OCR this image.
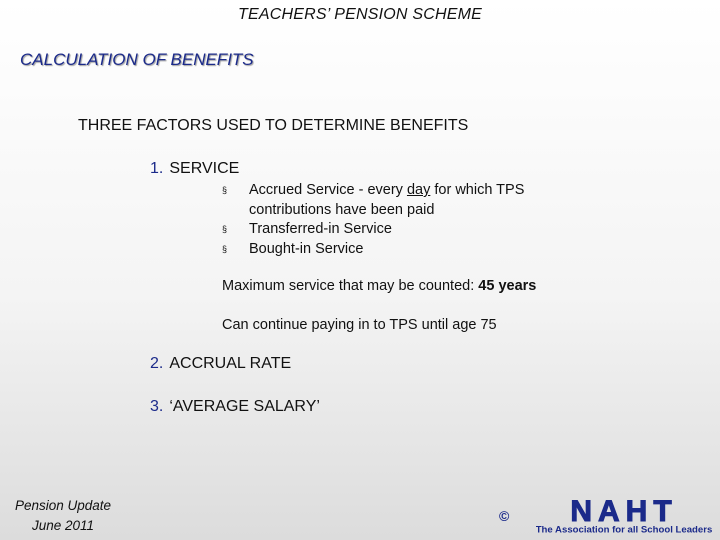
TEACHERS’ PENSION SCHEME
CALCULATION OF BENEFITS
THREE FACTORS USED TO DETERMINE BENEFITS
1. SERVICE
§	Accrued Service - every day for which TPS
contributions have been paid
§	Transferred-in Service
§	Bought-in Service
Maximum service that may be counted: 45 years
Can continue paying in to TPS until age 75
2. ACCRUAL RATE
3. ‘AVERAGE SALARY’
Pension Update
June 2011
© NAHT
The Association for all School Leaders
